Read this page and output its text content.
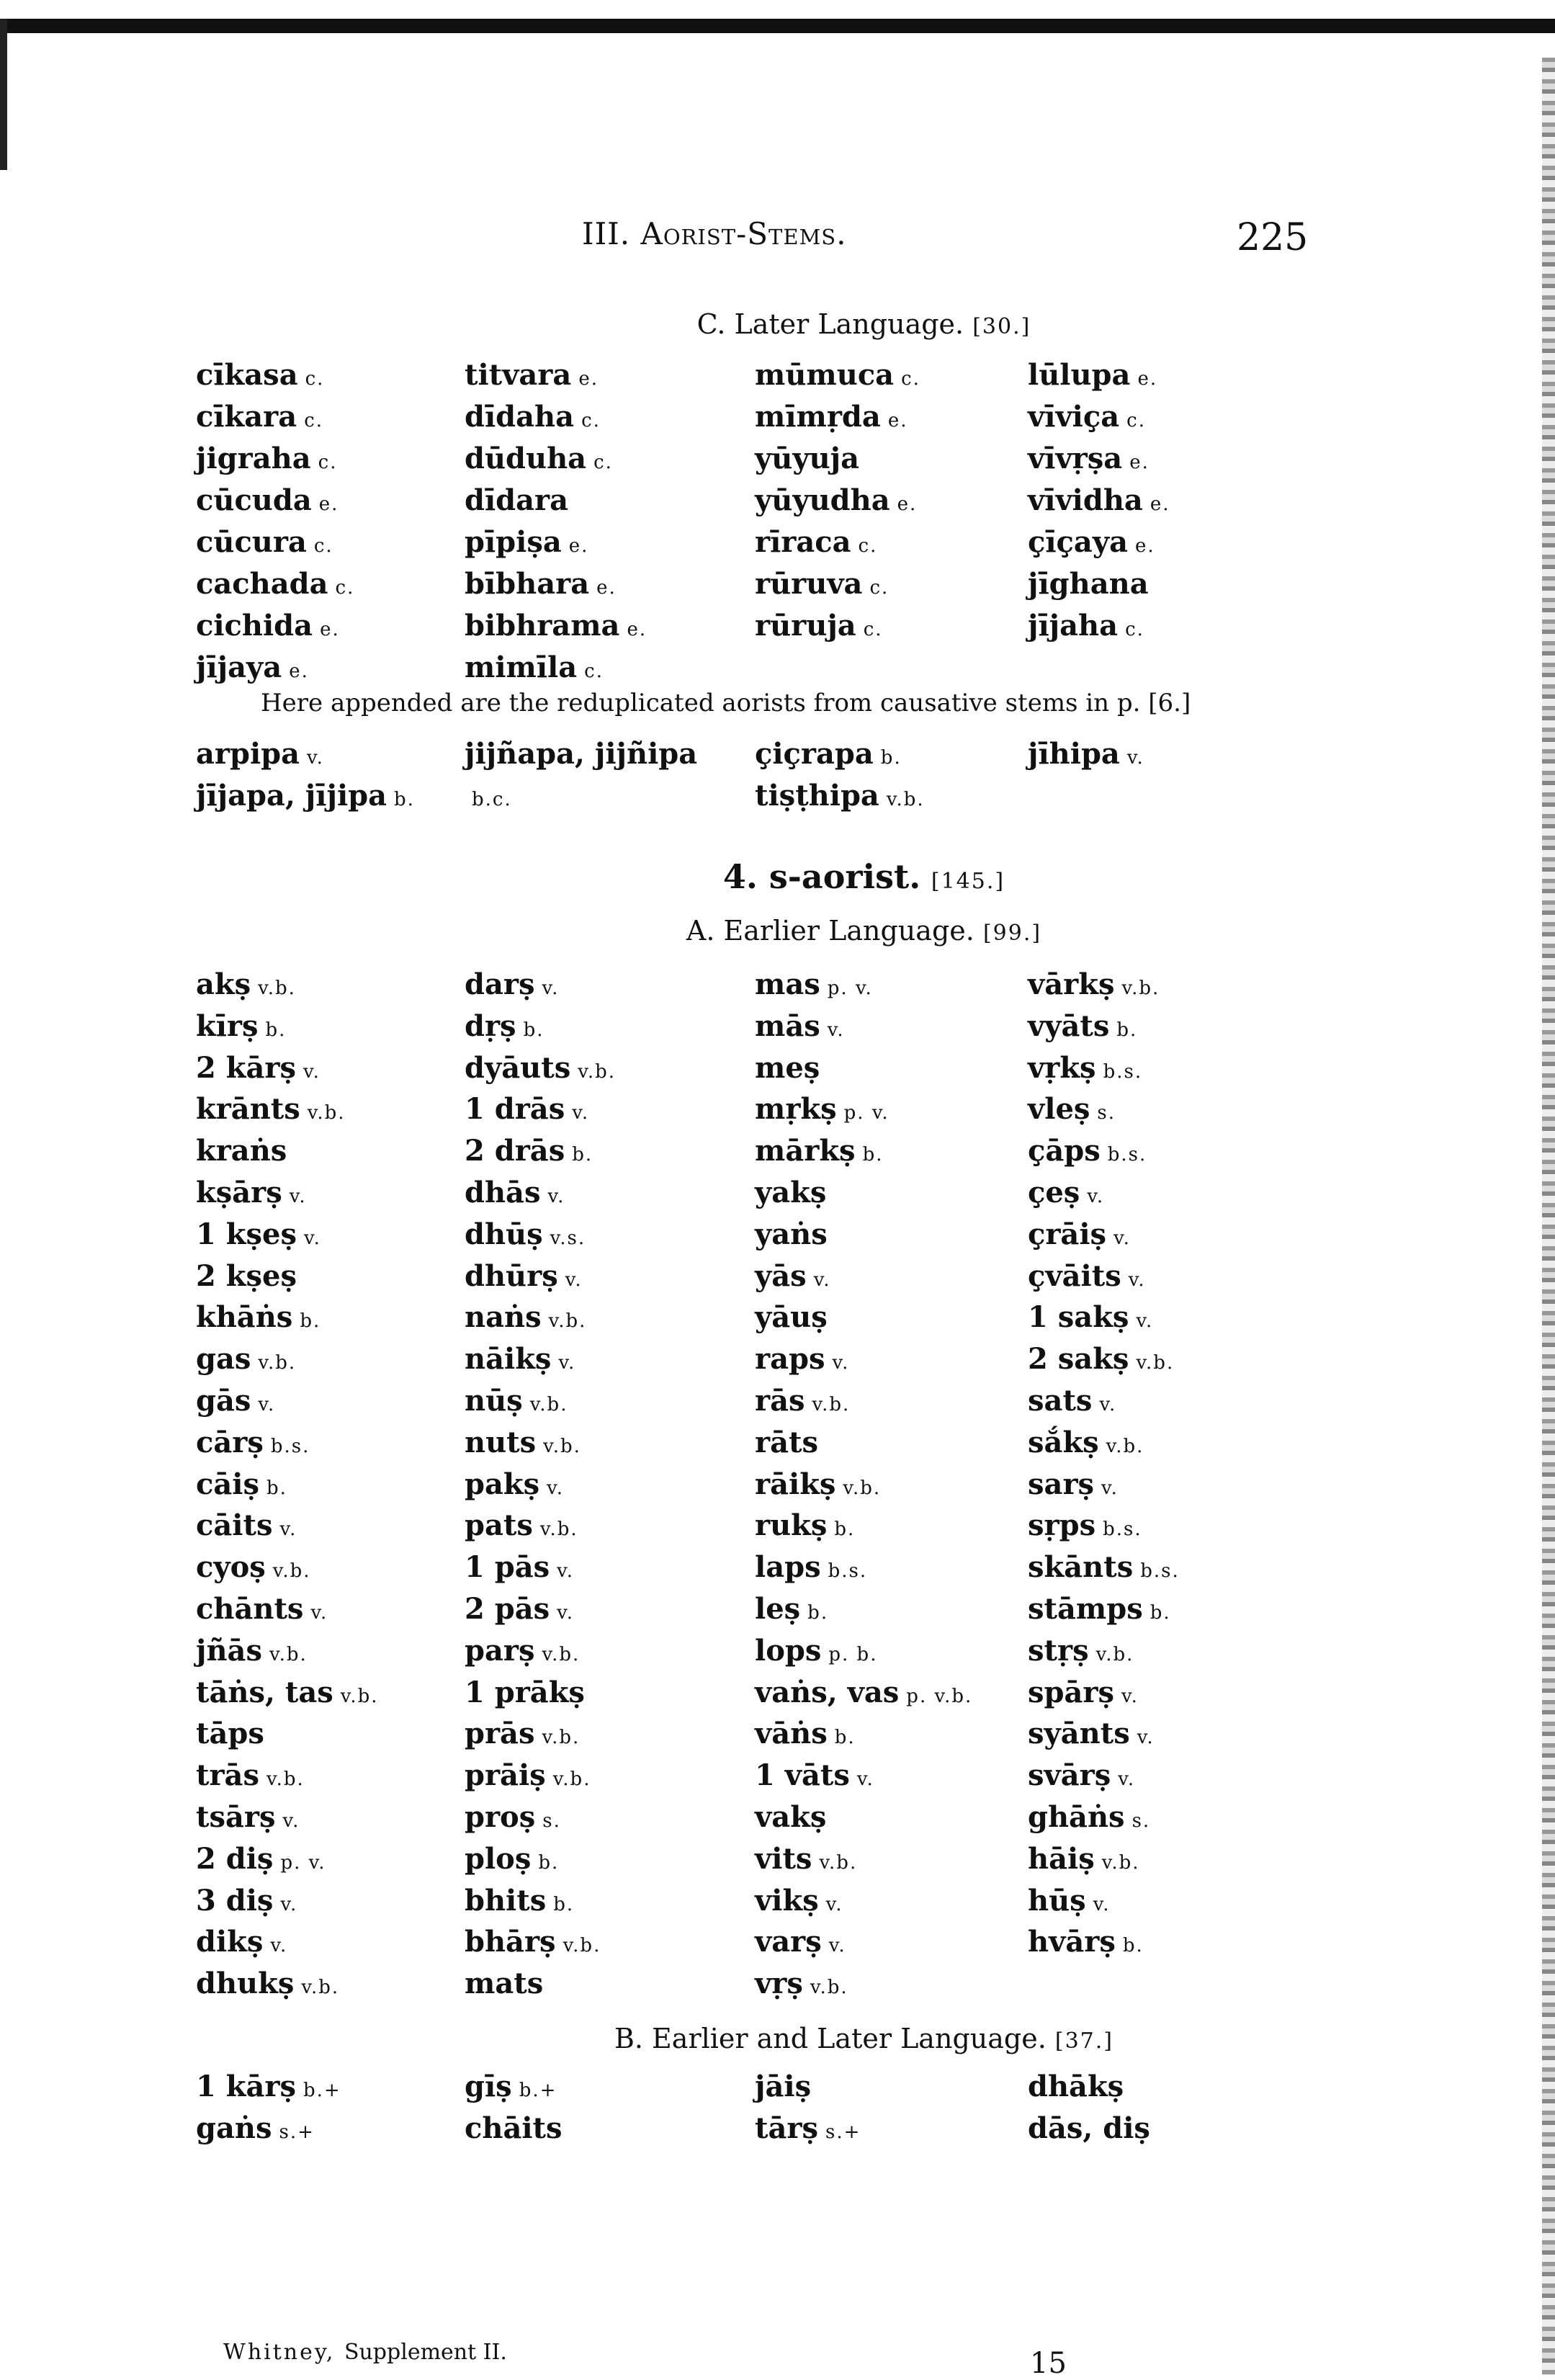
III. Aorist-Stems.	225
C. Later Language. [30.]
cīkasa c.
cīkara c.
jigraha c.
cūcuda e.
cūcura c.
cachada c.
cichida e.
jījaya e.
titvara e.
dīdaha c.
dūduha c.
dīdara
pīpiṣa e.
bībhara e.
bibhrama e.
mimīla c.
mūmuca c.
mīmṛda e.
yūyuja
yūyudha e.
rīraca c.
rūruva c.
rūruja c.
lūlupa e.
vīviça c.
vīvṛṣa e.
vīvidha e.
çīçaya e.
jīghana
jījaha c.
Here appended are the reduplicated aorists from causative stems in p. [6.]
arpipa v.
jījapa, jījipa b.
jijñapa, jijñipa
b.c.
çiçrapa b.
tiṣṭhipa v.b.
jīhipa v.
4. s-aorist. [145.]
A. Earlier Language. [99.]
akṣ v.b.
kīrṣ b.
2 kārṣ v.
krānts v.b.
kraṅs
kṣārṣ v.
1 kṣeṣ v.
2 kṣeṣ
khāṅs b.
gas v.b.
gās v.
cārṣ b.s.
cāiṣ b.
cāits v.
cyoṣ v.b.
chānts v.
jñās v.b.
tāṅs, tas v.b.
tāps
trās v.b.
tsārṣ v.
2 diṣ p. v.
3 diṣ v.
dikṣ v.
dhukṣ v.b.
darṣ v.
dṛṣ b.
dyāuts v.b.
1 drās v.
2 drās b.
dhās v.
dhūṣ v.s.
dhūrṣ v.
naṅs v.b.
nāikṣ v.
nūṣ v.b.
nuts v.b.
pakṣ v.
pats v.b.
1 pās v.
2 pās v.
parṣ v.b.
1 prākṣ
prās v.b.
prāiṣ v.b.
proṣ s.
ploṣ b.
bhits b.
bhārṣ v.b.
mats
mas p. v.
mās v.
meṣ
mṛkṣ p. v.
mārkṣ b.
yakṣ
yaṅs
yās v.
yāuṣ
raps v.
rās v.b.
rāts
rāikṣ v.b.
rukṣ b.
laps b.s.
leṣ b.
lops p. b.
vaṅs, vas p. v.b.
vāṅs b.
1 vāts v.
vakṣ
vits v.b.
vikṣ v.
varṣ v.
vṛṣ v.b.
vārkṣ v.b.
vyāts b.
vṛkṣ b.s.
vleṣ s.
çāps b.s.
çeṣ v.
çrāiṣ v.
çvāits v.
1 sakṣ v.
2 sakṣ v.b.
sats v.
sắkṣ v.b.
sarṣ v.
sṛps b.s.
skānts b.s.
stāmps b.
stṛṣ v.b.
spārṣ v.
syānts v.
svārṣ v.
ghāṅs s.
hāiṣ v.b.
hūṣ v.
hvārṣ b.
B. Earlier and Later Language. [37.]
1 kārṣ b.+
gaṅs s.+
gīṣ b.+
chāits
jāiṣ
tārṣ s.+
dhākṣ
dās, diṣ
Whitney, Supplement II.	15
